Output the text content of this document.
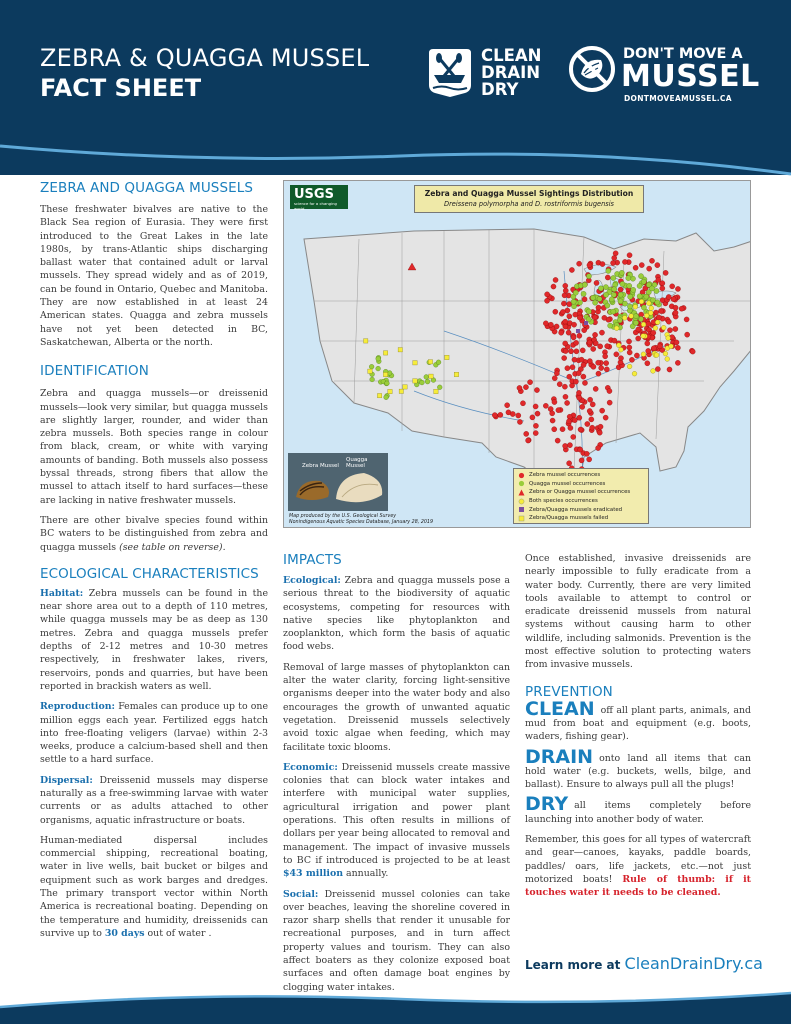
ZEBRA & QUAGGA MUSSEL
FACT SHEET
CLEAN
DRAIN
DRY
DON'T MOVE A
MUSSEL
DONTMOVEAMUSSEL.CA
ZEBRA AND QUAGGA MUSSELS

These freshwater bivalves are native to the Black Sea region of Eurasia. They were first introduced to the Great Lakes in the late 1980s, by trans-Atlantic ships discharging ballast water that contained adult or larval mussels. They spread widely and as of 2019, can be found in Ontario, Quebec and Manitoba. They are now established in at least 24 American states. Quagga and zebra mussels have not yet been detected in BC, Saskatchewan, Alberta or the north.

IDENTIFICATION

Zebra and quagga mussels—or dreissenid mussels—look very similar, but quagga mussels are slightly larger, rounder, and wider than zebra mussels. Both species range in colour from black, cream, or white with varying amounts of banding. Both mussels also possess byssal threads, strong fibers that allow the mussel to attach itself to hard surfaces—these are lacking in native freshwater mussels.

There are other bivalve species found within BC waters to be distinguished from zebra and quagga mussels (see table on reverse).

ECOLOGICAL CHARACTERISTICS

Habitat: Zebra mussels can be found in the near shore area out to a depth of 110 metres, while quagga mussels may be as deep as 130 metres. Zebra and quagga mussels prefer depths of 2-12 metres and 10-30 metres respectively, in freshwater lakes, rivers, reservoirs, ponds and quarries, but have been reported in brackish waters as well.

Reproduction: Females can produce up to one million eggs each year. Fertilized eggs hatch into free-floating veligers (larvae) within 2-3 weeks, produce a calcium-based shell and then settle to a hard surface.

Dispersal: Dreissenid mussels may disperse naturally as a free-swimming larvae with water currents or as adults attached to other organisms, aquatic infrastructure or boats.

Human-mediated dispersal includes commercial shipping, recreational boating, water in live wells, bait bucket or bilges and equipment such as work barges and dredges. The primary transport vector within North America is recreational boating. Depending on the temperature and humidity, dreissenids can survive up to 30 days out of water .

USGS
science for a changing world
Zebra and Quagga Mussel Sightings Distribution
Dreissena polymorpha and D. rostriformis bugensis
Zebra Mussel
Quagga Mussel
Map produced by the U.S. Geological Survey
Nonindigenous Aquatic Species Database, January 28, 2019
Zebra mussel occurrences
Quagga mussel occurrences
Zebra or Quagga mussel occurrences
Both species occurrences
Zebra/Quagga mussels eradicated
Zebra/Quagga mussels failed
IMPACTS

Ecological: Zebra and quagga mussels pose a serious threat to the biodiversity of aquatic ecosystems, competing for resources with native species like phytoplankton and zooplankton, which form the basis of aquatic food webs.

Removal of large masses of phytoplankton can alter the water clarity, forcing light-sensitive organisms deeper into the water body and also encourages the growth of unwanted aquatic vegetation. Dreissenid mussels selectively avoid toxic algae when feeding, which may facilitate toxic blooms.

Economic: Dreissenid mussels create massive colonies that can block water intakes and interfere with municipal water supplies, agricultural irrigation and power plant operations. This often results in millions of dollars per year being allocated to removal and management. The impact of invasive mussels to BC if introduced is projected to be at least $43 million annually.

Social: Dreissenid mussel colonies can take over beaches, leaving the shoreline covered in razor sharp shells that render it unusable for recreational purposes, and in turn affect property values and tourism. They can also affect boaters as they colonize exposed boat surfaces and often damage boat engines by clogging water intakes.

Once established, invasive dreissenids are nearly impossible to fully eradicate from a water body. Currently, there are very limited tools available to attempt to control or eradicate dreissenid mussels from natural systems without causing harm to other wildlife, including salmonids. Prevention is the most effective solution to protecting waters from invasive mussels.

PREVENTION

CLEAN off all plant parts, animals, and mud from boat and equipment (e.g. boots, waders, fishing gear).

DRAIN onto land all items that can hold water (e.g. buckets, wells, bilge, and ballast). Ensure to always pull all the plugs!

DRY all items completely before launching into another body of water.

Remember, this goes for all types of watercraft and gear—canoes, kayaks, paddle boards, paddles/ oars, life jackets, etc.—not just motorized boats! Rule of thumb: if it touches water it needs to be cleaned.

Learn more at CleanDrainDry.ca
